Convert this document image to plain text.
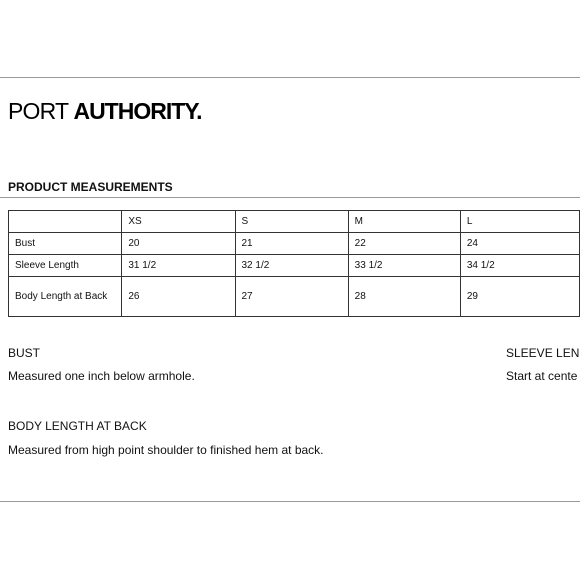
PORT AUTHORITY.
PRODUCT MEASUREMENTS
	XS	S	M	L
Bust	20	21	22	24
Sleeve Length	31 1/2	32 1/2	33 1/2	34 1/2
Body Length at Back	26	27	28	29
BUST
Measured one inch below armhole.
SLEEVE LEN
Start at cente
BODY LENGTH AT BACK
Measured from high point shoulder to finished hem at back.
